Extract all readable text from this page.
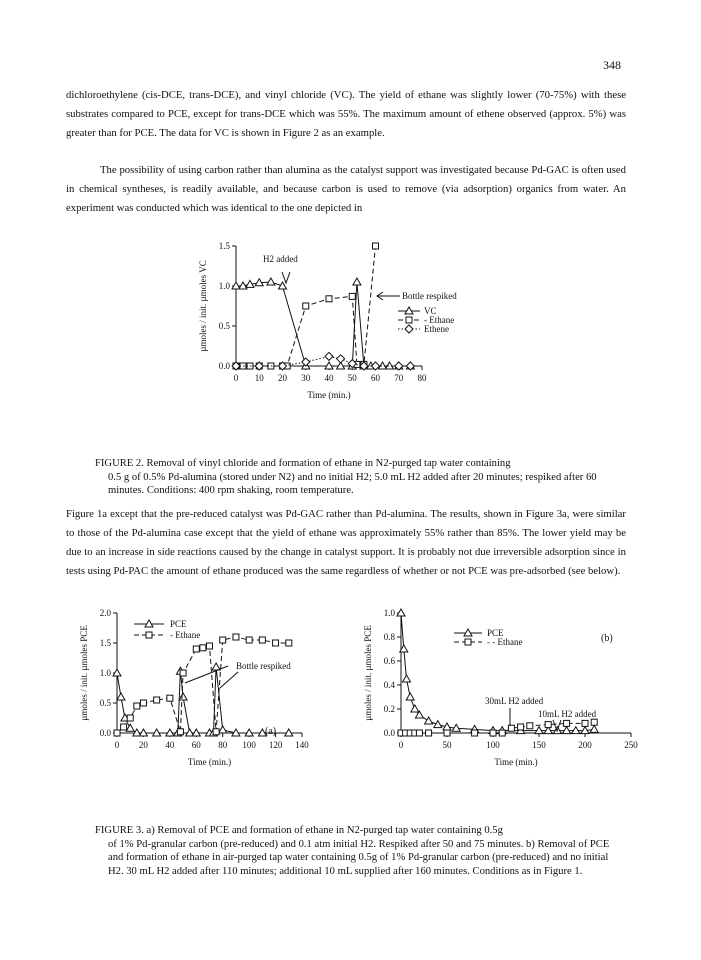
348

dichloroethylene (cis-DCE, trans-DCE), and vinyl chloride (VC). The yield of ethane was slightly lower (70-75%) with these substrates compared to PCE, except for trans-DCE which was 55%. The maximum amount of ethene observed (approx. 5%) was greater than for PCE. The data for VC is shown in Figure 2 as an example.

The possibility of using carbon rather than alumina as the catalyst support was investigated because Pd-GAC is often used in chemical syntheses, is readily available, and because carbon is used to remove (via adsorption) organics from water. An experiment was conducted which was identical to the one depicted in

0 10 20 30 40 50 60 70 80
0.0
0.5
1.0
1.5
Time (min.)
µmoles / init. µmoles VC	VC
- Ethane
Ethene
H2 added
Bottle respiked
FIGURE 2. Removal of vinyl chloride and formation of ethane in N2-purged tap water containing
0.5 g of 0.5% Pd-alumina (stored under N2) and no initial H2; 5.0 mL H2 added after 20 minutes; respiked after 60 minutes. Conditions: 400 rpm shaking, room temperature.

Figure 1a except that the pre-reduced catalyst was Pd-GAC rather than Pd-alumina. The results, shown in Figure 3a, were similar to those of the Pd-alumina case except that the yield of ethane was approximately 55% rather than 85%. The lower yield may be due to an increase in side reactions caused by the change in catalyst support. It is probably not due irreversible adsorption since in tests using Pd-PAC the amount of ethane produced was the same regardless of whether or not PCE was pre-adsorbed (see below).

0 20 40 60 80 100 120 140
0.0
0.5
1.0
1.5
2.0
Time (min.)
µmoles / init. µmoles PCE
PCE
- Ethane
Bottle respiked
(a)
0	50	100	150	200	250
0.0
0.2
0.4
0.6
0.8
1.0
Time (min.)
µmoles / init. µmoles PCE	PCE
- - Ethane	(b)
30mL H2 added
10mL H2 added
FIGURE 3. a) Removal of PCE and formation of ethane in N2-purged tap water containing 0.5g
of 1% Pd-granular carbon (pre-reduced) and 0.1 atm initial H2. Respiked after 50 and 75 minutes. b) Removal of PCE and formation of ethane in air-purged tap water containing 0.5g of 1% Pd-granular carbon (pre-reduced) and no initial H2. 30 mL H2 added after 110 minutes; additional 10 mL supplied after 160 minutes. Conditions as in Figure 1.
